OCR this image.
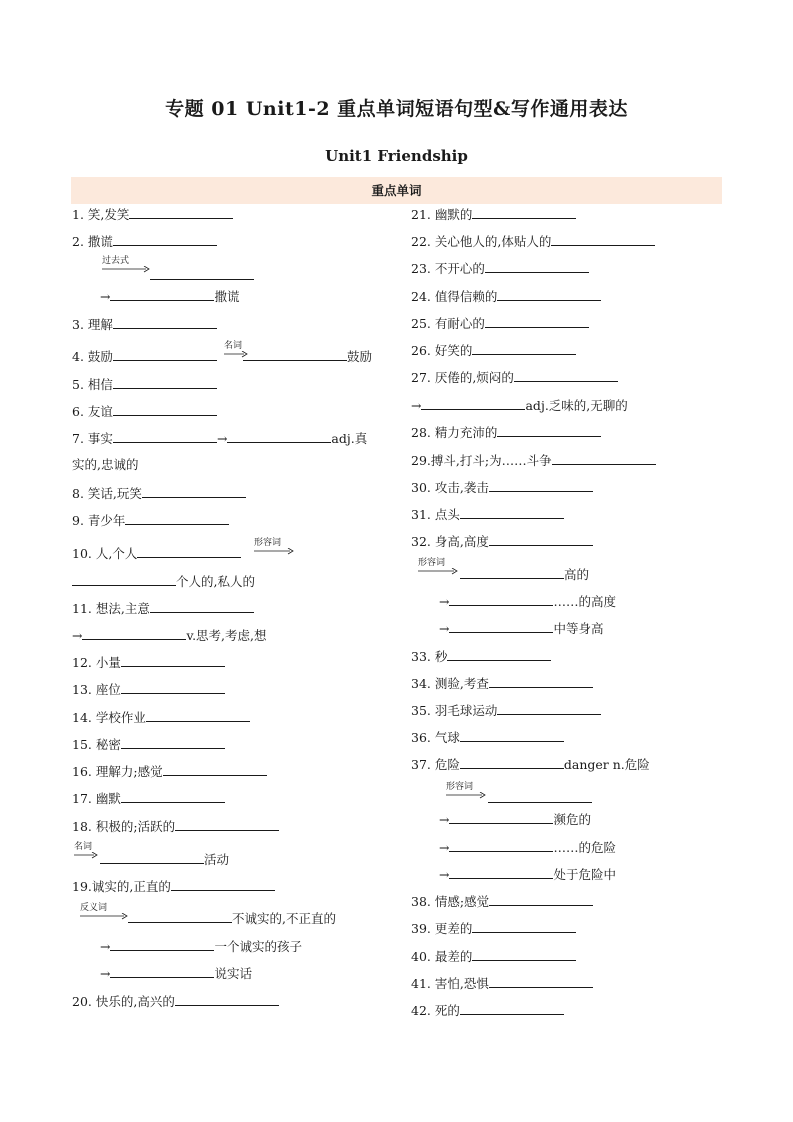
专题 01 Unit1-2 重点单词短语句型&写作通用表达
Unit1 Friendship
重点单词
1. 笑,发笑
2. 撒谎
过去式
→	撒谎
3. 理解
名词
4. 鼓励	鼓励
5. 相信
6. 友谊
7. 事实	→	adj.真
实的,忠诚的
8. 笑话,玩笑
9. 青少年
形容词
10. 人,个人
个人的,私人的
11. 想法,主意
→	v.思考,考虑,想
12. 小量
13. 座位
14. 学校作业
15. 秘密
16. 理解力;感觉
17. 幽默
18. 积极的;活跃的
名词
活动
19.诚实的,正直的
反义词
不诚实的,不正直的
→	一个诚实的孩子
→	说实话
20. 快乐的,高兴的
21. 幽默的
22. 关心他人的,体贴人的
23. 不开心的
24. 值得信赖的
25. 有耐心的
26. 好笑的
27. 厌倦的,烦闷的
→	adj.乏味的,无聊的
28. 精力充沛的
29.搏斗,打斗;为……斗争
30. 攻击,袭击
31. 点头
32. 身高,高度
形容词
高的
→	……的高度
→	中等身高
33. 秒
34. 测验,考查
35. 羽毛球运动
36. 气球
37. 危险	danger n.危险
形容词
→	濒危的
→	……的危险
→	处于危险中
38. 情感;感觉
39. 更差的
40. 最差的
41. 害怕,恐惧
42. 死的
